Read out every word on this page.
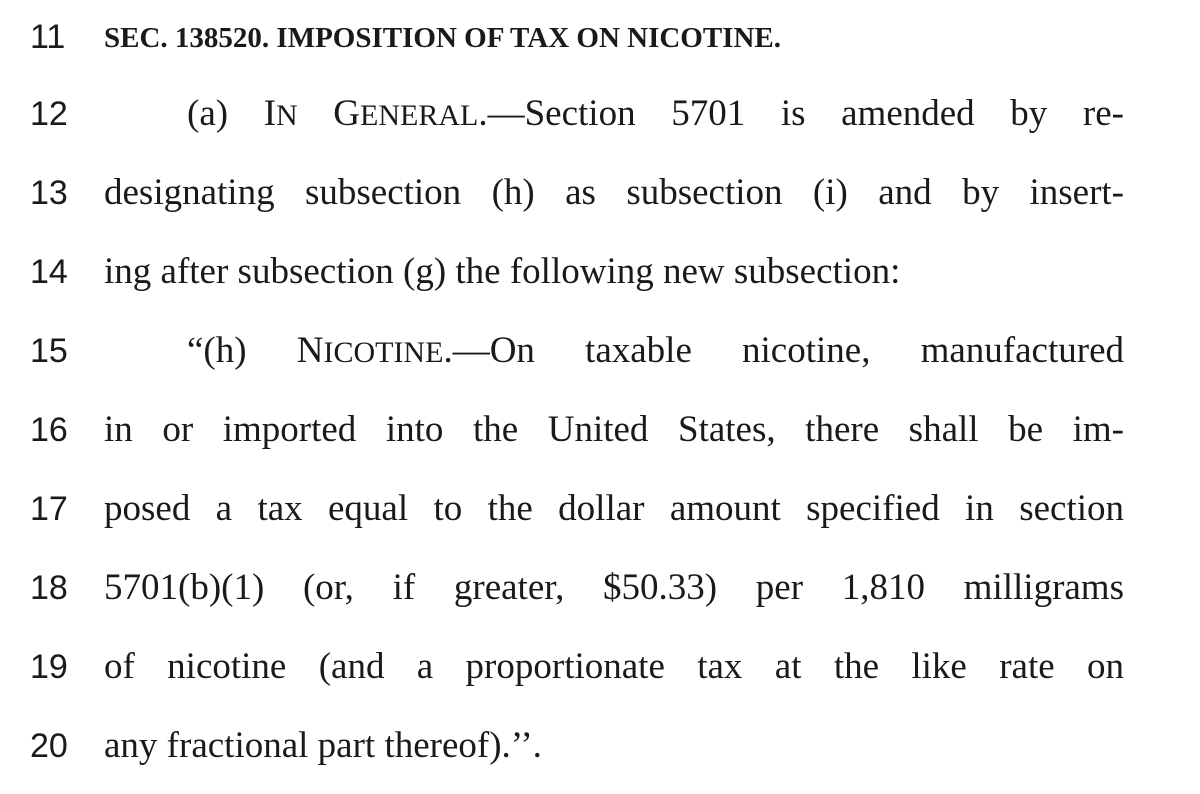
11	SEC. 138520. IMPOSITION OF TAX ON NICOTINE.
12	(a) IN GENERAL.—Section 5701 is amended by re-
13 designating subsection (h) as subsection (i) and by insert-
14 ing after subsection (g) the following new subsection:
15	“(h) NICOTINE.—On taxable nicotine, manufactured
16 in or imported into the United States, there shall be im-
17 posed a tax equal to the dollar amount specified in section
18 5701(b)(1) (or, if greater, $50.33) per 1,810 milligrams
19 of nicotine (and a proportionate tax at the like rate on
20 any fractional part thereof).’’.
